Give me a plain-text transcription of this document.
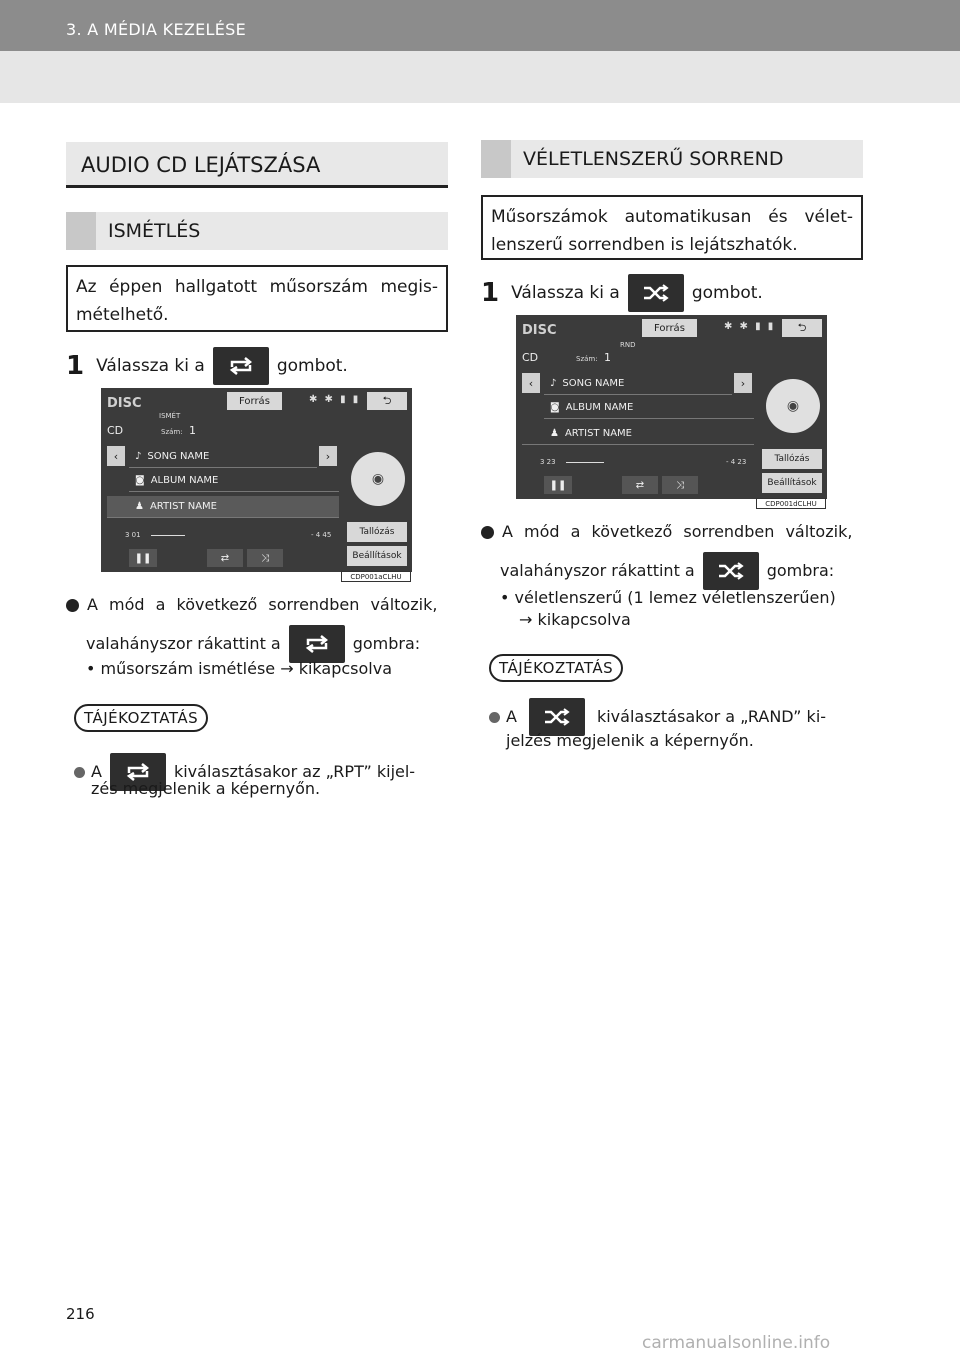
3. A MÉDIA KEZELÉSE
AUDIO CD LEJÁTSZÁSA
ISMÉTLÉS
Az éppen hallgatott műsorszám megis-mételhető.
1 Válassza ki a	gombot.
DISC	Forrás	✱ ✱ ▮ ▮	⮌
ISMÉT
CD	Szám: 1
‹	♪ SONG NAME	›
◙ ALBUM NAME
♟ ARTIST NAME
◉
3 01	- 4 45	Tallózás
Beállítások
❚❚	⇄	⤨
CDP001aCLHU
A mód a következő sorrendben változik,
valahányszor rákattint a	gombra:
• műsorszám ismétlése → kikapcsolva
TÁJÉKOZTATÁS
A	kiválasztásakor az „RPT” kijel-
zés megjelenik a képernyőn.
VÉLETLENSZERŰ SORREND
Műsorszámok automatikusan és vélet-lenszerű sorrendben is lejátszhatók.
1 Válassza ki a	gombot.
DISC	Forrás	✱ ✱ ▮ ▮	⮌
RND
CD	Szám: 1
‹	♪ SONG NAME	›
◙ ALBUM NAME
♟ ARTIST NAME
◉
3 23	- 4 23	Tallózás
Beállítások
❚❚	⇄	⤨
CDP001dCLHU
A mód a következő sorrendben változik,
valahányszor rákattint a	gombra:
• véletlenszerű (1 lemez véletlenszerűen)
→ kikapcsolva
TÁJÉKOZTATÁS
A	kiválasztásakor a „RAND” ki-
jelzés megjelenik a képernyőn.
216
carmanualsonline.info
